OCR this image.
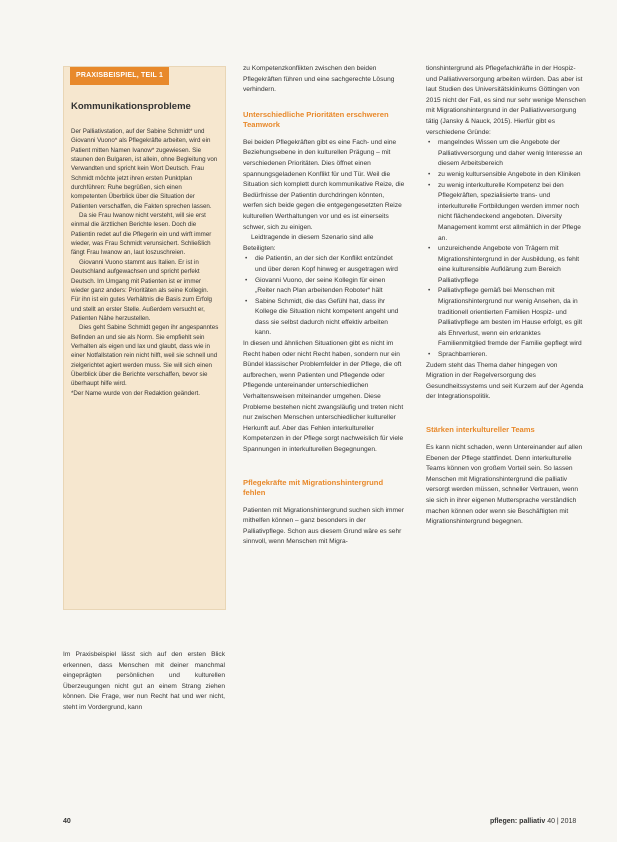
PRAXISBEISPIEL, TEIL 1
Kommunikationsprobleme

Der Palliativstation, auf der Sabine Schmidt* und Giovanni Vuono* als Pflegekräfte arbeiten, wird ein Patient mitten Namen Ivanow* zugewiesen. Sie staunen den Bulgaren, ist allein, ohne Begleitung von Verwandten und spricht kein Wort Deutsch. Frau Schmidt möchte jetzt ihren ersten Punktplan durchführen: Ruhe begrüßen, sich einen kompetenten Überblick über die Situation der Patienten verschaffen, die Fakten sprechen lassen.

Da sie Frau Iwanow nicht versteht, will sie erst einmal die ärztlichen Berichte lesen. Doch die Patientin redet auf die Pflegerin ein und wirft immer wieder, was Frau Schmidt verunsichert. Schließlich fängt Frau Iwanow an, laut loszuschreien.

Giovanni Vuono stammt aus Italien. Er ist in Deutschland aufgewachsen und spricht perfekt Deutsch. Im Umgang mit Patienten ist er immer wieder ganz anders: Prioritäten als seine Kollegin. Für ihn ist ein gutes Verhältnis die Basis zum Erfolg und stellt an erster Stelle. Außerdem versucht er, Patienten Nähe herzustellen.

Dies geht Sabine Schmidt gegen ihr angespanntes Befinden an und sie als Norm. Sie empfiehlt sein Verhalten als eigen und lax und glaubt, dass wie in einer Notfallstation rein nicht hilft, weil sie schnell und zielgerichtet agiert werden muss. Sie will sich einen Überblick über die Berichte verschaffen, bevor sie überhaupt hilfe wird.

*Der Name wurde von der Redaktion geändert.

Im Praxisbeispiel lässt sich auf den ersten Blick erkennen, dass Menschen mit deiner manchmal eingeprägten persönlichen und kulturellen Überzeugungen nicht gut an einem Strang ziehen können. Die Frage, wer nun Recht hat und wer nicht, steht im Vordergrund, kann

zu Kompetenzkonflikten zwischen den beiden Pflegekräften führen und eine sachgerechte Lösung verhindern.

Unterschiedliche Prioritäten erschweren Teamwork

Bei beiden Pflegekräften gibt es eine Fach- und eine Beziehungsebene in den kulturellen Prägung – mit verschiedenen Prioritäten. Dies öffnet einen spannungsgeladenen Konflikt für und Tür. Weil die Situation sich komplett durch kommunikative Reize, die Bedürfnisse der Patientin durchdringen könnten, werfen sich beide gegen die entgegengesetzten Reize kulturellen Werthaltungen vor und es ist einerseits schwer, sich zu einigen.

Leidtragende in diesem Szenario sind alle Beteiligten:

• die Patientin, an der sich der Konflikt entzündet und über deren Kopf hinweg er ausgetragen wird
• Giovanni Vuono, der seine Kollegin für einen „Reiter nach Plan arbeitenden Roboter“ hält
• Sabine Schmidt, die das Gefühl hat, dass ihr Kollege die Situation nicht kompetent angeht und dass sie selbst dadurch nicht effektiv arbeiten kann.

In diesen und ähnlichen Situationen gibt es nicht im Recht haben oder nicht Recht haben, sondern nur ein Bündel klassischer Problemfelder in der Pflege, die oft aufbrechen, wenn Patienten und Pflegende oder Pflegende untereinander unterschiedlichen Verhaltensweisen miteinander umgehen. Diese Probleme bestehen nicht zwangsläufig und treten nicht nur zwischen Menschen unterschiedlicher kultureller Herkunft auf. Aber das Fehlen interkultureller Kompetenzen in der Pflege sorgt nachweislich für viele Spannungen in interkulturellen Begegnungen.

Pflegekräfte mit Migrationshintergrund fehlen

Patienten mit Migrationshintergrund suchen sich immer mithelfen können – ganz besonders in der Palliativpflege. Schon aus diesem Grund wäre es sehr sinnvoll, wenn Menschen mit Migra-

tionshintergrund als Pflegefachkräfte in der Hospiz- und Palliativversorgung arbeiten würden. Das aber ist laut Studien des Universitätsklinikums Göttingen von 2015 nicht der Fall, es sind nur sehr wenige Menschen mit Migrationshintergrund in der Palliativversorgung tätig (Jansky & Nauck, 2015). Hierfür gibt es verschiedene Gründe:

• mangelndes Wissen um die Angebote der Palliativversorgung und daher wenig Interesse an diesem Arbeitsbereich
• zu wenig kultursensible Angebote in den Kliniken
• zu wenig interkulturelle Kompetenz bei den Pflegekräften, spezialisierte trans- und interkulturelle Fortbildungen werden immer noch nicht flächendeckend angeboten. Diversity Management kommt erst allmählich in der Pflege an.
• unzureichende Angebote von Trägern mit Migrationshintergrund in der Ausbildung, es fehlt eine kulturensible Aufklärung zum Bereich Palliativpflege
• Palliativpflege gemäß bei Menschen mit Migrationshintergrund nur wenig Ansehen, da in traditionell orientierten Familien Hospiz- und Palliativpflege am besten im Hause erfolgt, es gilt als Ehrverlust, wenn ein erkranktes Familienmitglied fremde der Familie gepflegt wird
• Sprachbarrieren.

Zudem steht das Thema daher hingegen von Migration in der Regelversorgung des Gesundheitssystems und seit Kurzem auf der Agenda der Integrationspolitik.

Stärken interkultureller Teams

Es kann nicht schaden, wenn Untereinander auf allen Ebenen der Pflege stattfindet. Denn interkulturelle Teams können von großem Vorteil sein. So lassen Menschen mit Migrationshintergrund die palliativ versorgt werden müssen, schneller Vertrauen, wenn sie sich in ihrer eigenen Muttersprache verständlich machen können oder wenn sie Beschäftigten mit Migrationshintergrund begegnen.

40	pflegen: palliativ 40 | 2018
